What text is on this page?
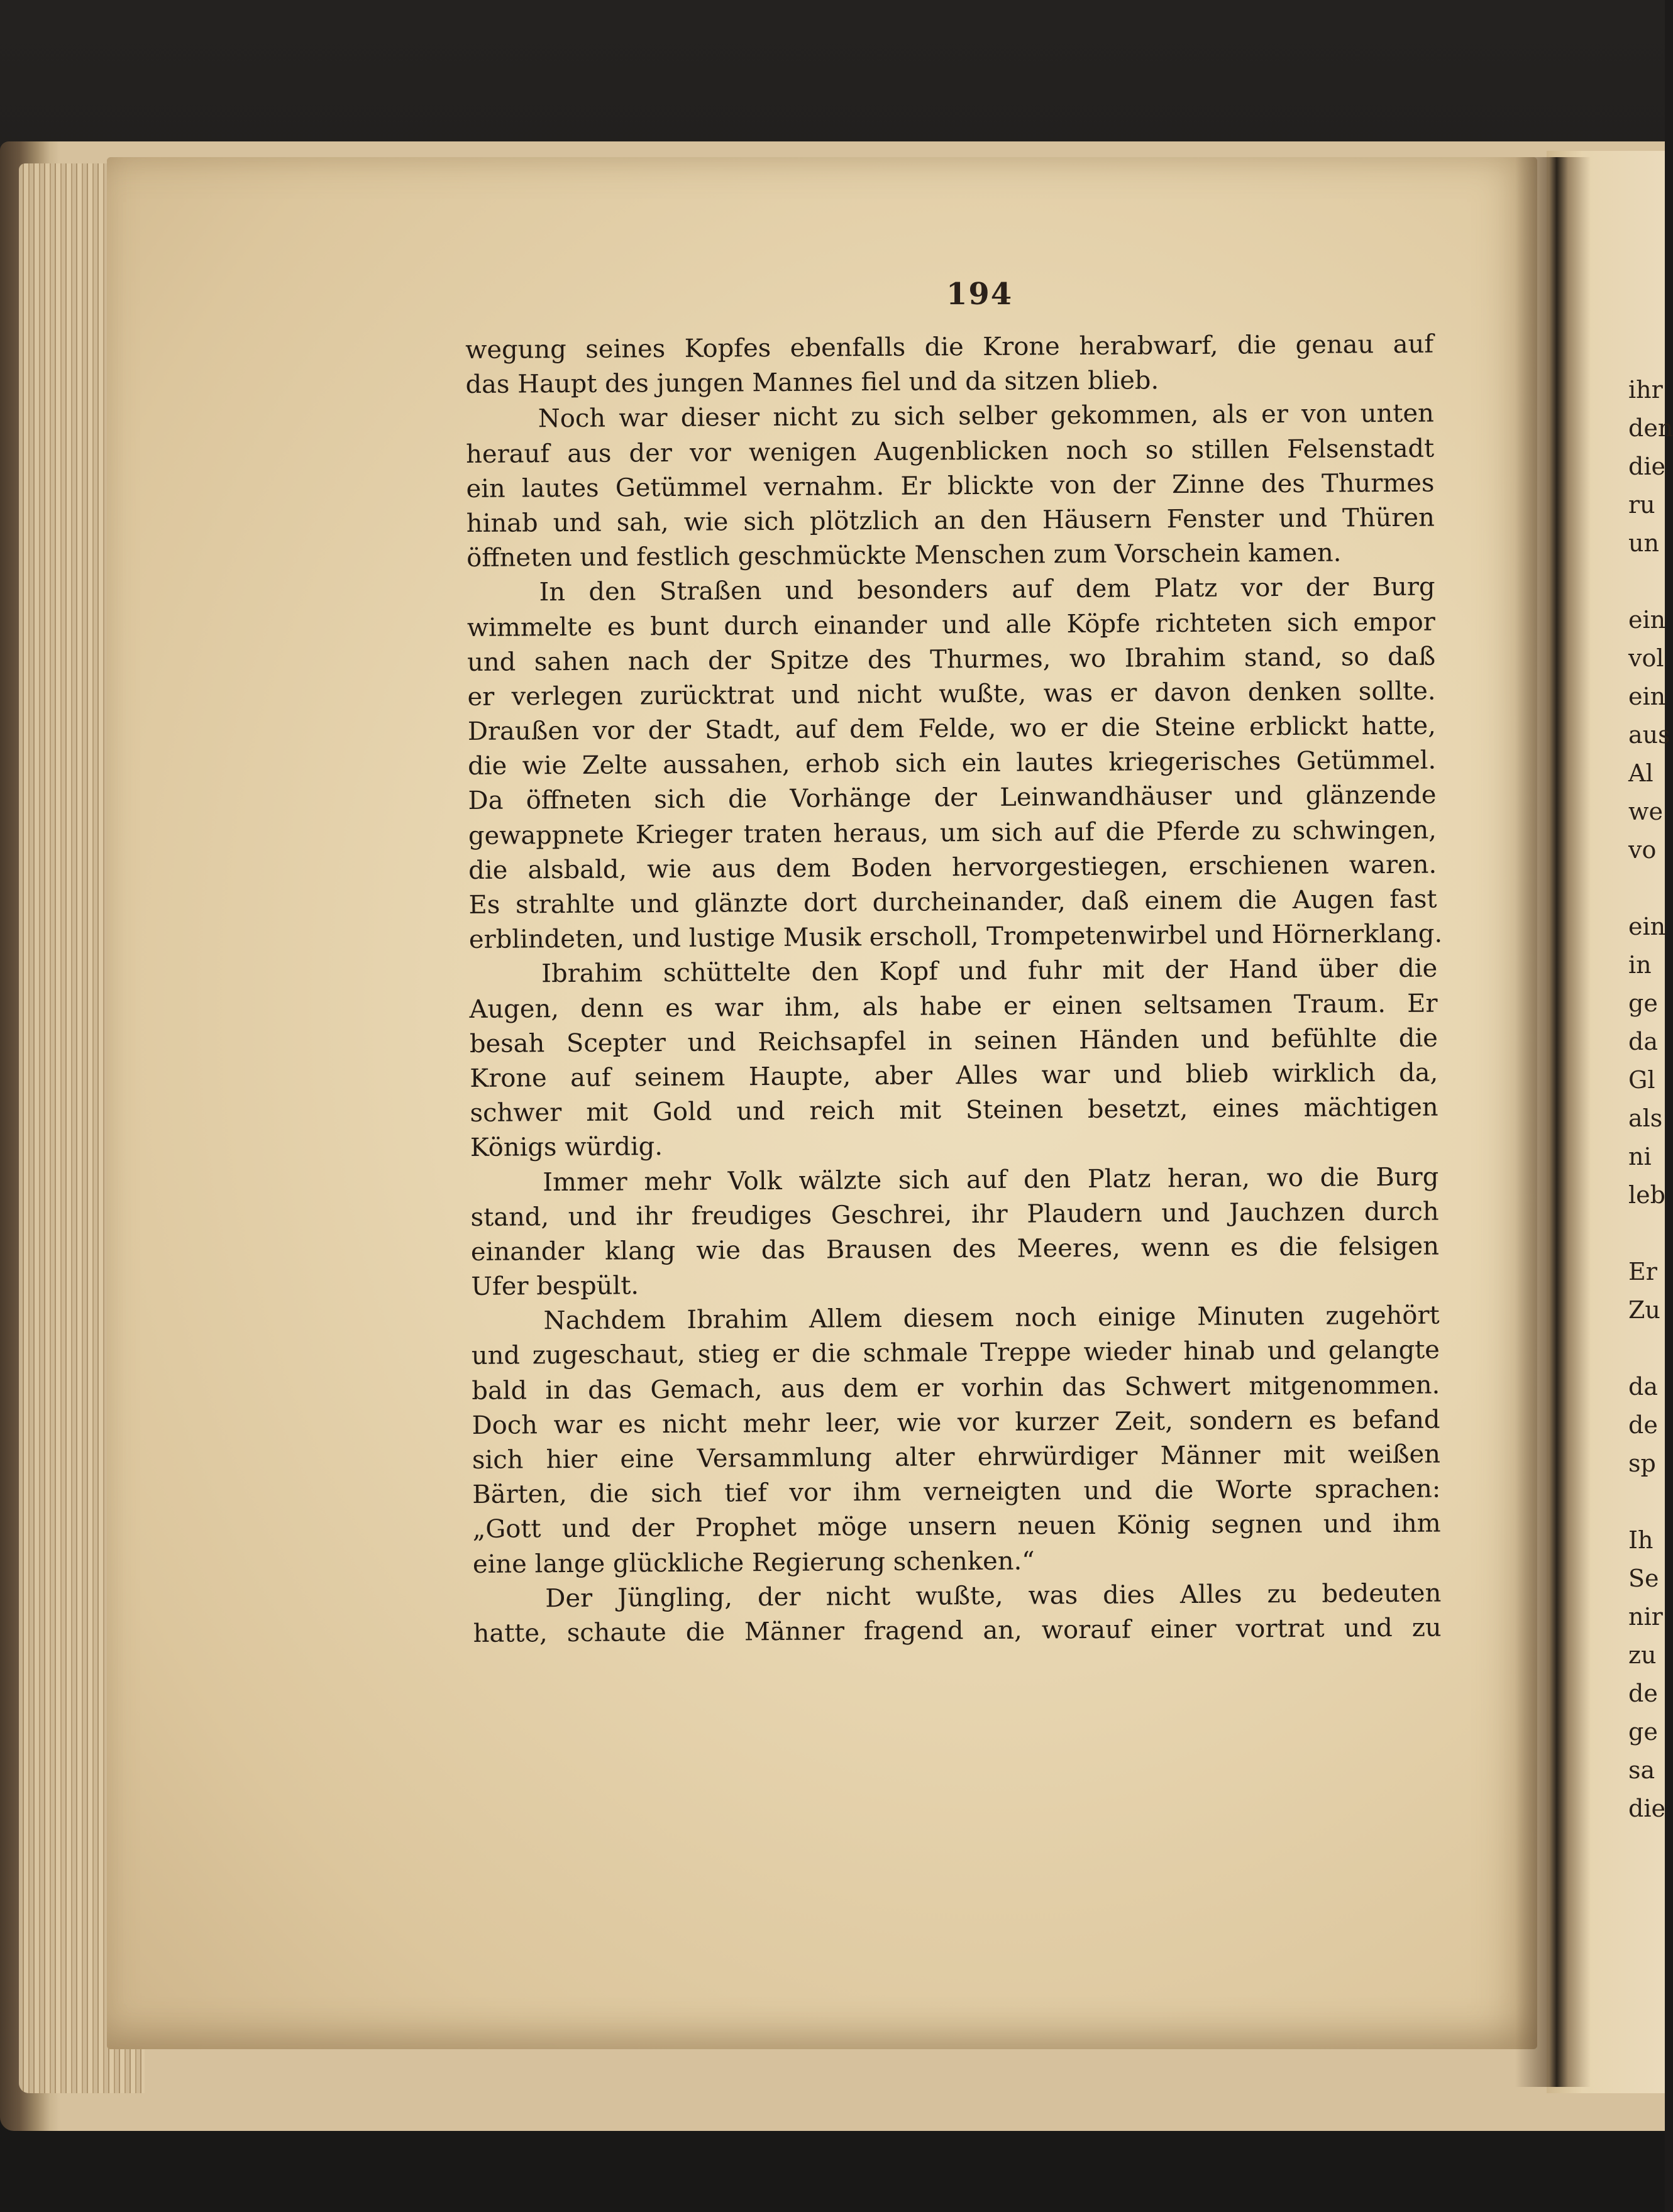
194
wegung seines Kopfes ebenfalls die Krone herabwarf, die genau auf
das Haupt des jungen Mannes fiel und da sitzen blieb.
Noch war dieser nicht zu sich selber gekommen, als er von unten
herauf aus der vor wenigen Augenblicken noch so stillen Felsenstadt
ein lautes Getümmel vernahm. Er blickte von der Zinne des Thurmes
hinab und sah, wie sich plötzlich an den Häusern Fenster und Thüren
öffneten und festlich geschmückte Menschen zum Vorschein kamen.
In den Straßen und besonders auf dem Platz vor der Burg
wimmelte es bunt durch einander und alle Köpfe richteten sich empor
und sahen nach der Spitze des Thurmes, wo Ibrahim stand, so daß
er verlegen zurücktrat und nicht wußte, was er davon denken sollte.
Draußen vor der Stadt, auf dem Felde, wo er die Steine erblickt hatte,
die wie Zelte aussahen, erhob sich ein lautes kriegerisches Getümmel.
Da öffneten sich die Vorhänge der Leinwandhäuser und glänzende
gewappnete Krieger traten heraus, um sich auf die Pferde zu schwingen,
die alsbald, wie aus dem Boden hervorgestiegen, erschienen waren.
Es strahlte und glänzte dort durcheinander, daß einem die Augen fast
erblindeten, und lustige Musik erscholl, Trompetenwirbel und Hörnerklang.
Ibrahim schüttelte den Kopf und fuhr mit der Hand über die
Augen, denn es war ihm, als habe er einen seltsamen Traum. Er
besah Scepter und Reichsapfel in seinen Händen und befühlte die
Krone auf seinem Haupte, aber Alles war und blieb wirklich da,
schwer mit Gold und reich mit Steinen besetzt, eines mächtigen
Königs würdig.
Immer mehr Volk wälzte sich auf den Platz heran, wo die Burg
stand, und ihr freudiges Geschrei, ihr Plaudern und Jauchzen durch
einander klang wie das Brausen des Meeres, wenn es die felsigen
Ufer bespült.
Nachdem Ibrahim Allem diesem noch einige Minuten zugehört
und zugeschaut, stieg er die schmale Treppe wieder hinab und gelangte
bald in das Gemach, aus dem er vorhin das Schwert mitgenommen.
Doch war es nicht mehr leer, wie vor kurzer Zeit, sondern es befand
sich hier eine Versammlung alter ehrwürdiger Männer mit weißen
Bärten, die sich tief vor ihm verneigten und die Worte sprachen:
„Gott und der Prophet möge unsern neuen König segnen und ihm
eine lange glückliche Regierung schenken.“
Der Jüngling, der nicht wußte, was dies Alles zu bedeuten
hatte, schaute die Männer fragend an, worauf einer vortrat und zu
ihr
den
die
ru
un
ein
vol
ein
aus
Al
we
vo
ein
in
ge
da
Gl
als
ni
leb
Er
Zu
da
de
sp
Ih
Se
nir
zu
de
ge
sa
die
